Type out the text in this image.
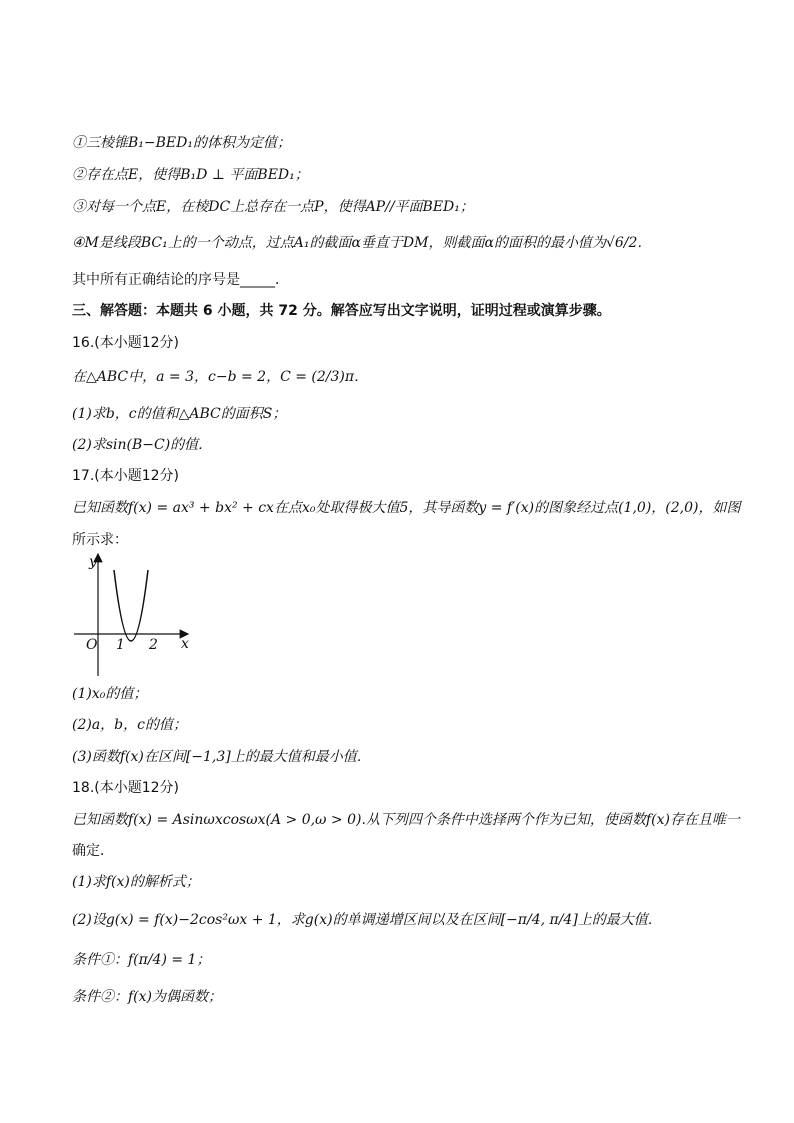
①三棱锥B₁−BED₁的体积为定值；
②存在点E，使得B₁D ⊥ 平面BED₁；
③对每一个点E，在棱DC上总存在一点P，使得AP//平面BED₁；
④M是线段BC₁上的一个动点，过点A₁的截面α垂直于DM，则截面α的面积的最小值为√6/2．
其中所有正确结论的序号是_____．
三、解答题：本题共 6 小题，共 72 分。解答应写出文字说明，证明过程或演算步骤。
16.(本小题12分)
在△ABC中，a = 3，c−b = 2，C = (2/3)π．
(1)求b，c的值和△ABC的面积S；
(2)求sin(B−C)的值．
17.(本小题12分)
已知函数f(x) = ax³ + bx² + cx在点x₀处取得极大值5，其导函数y = f′(x)的图象经过点(1,0)，(2,0)，如图
所示求：
y
x
O 1 2
(1)x₀的值；
(2)a，b，c的值；
(3)函数f(x)在区间[−1,3]上的最大值和最小值．
18.(本小题12分)
已知函数f(x) = Asinωxcosωx(A > 0,ω > 0).从下列四个条件中选择两个作为已知，使函数f(x)存在且唯一
确定．
(1)求f(x)的解析式；
(2)设g(x) = f(x)−2cos²ωx + 1，求g(x)的单调递增区间以及在区间[−π/4, π/4]上的最大值．
条件①：f(π/4) = 1；
条件②：f(x)为偶函数；
